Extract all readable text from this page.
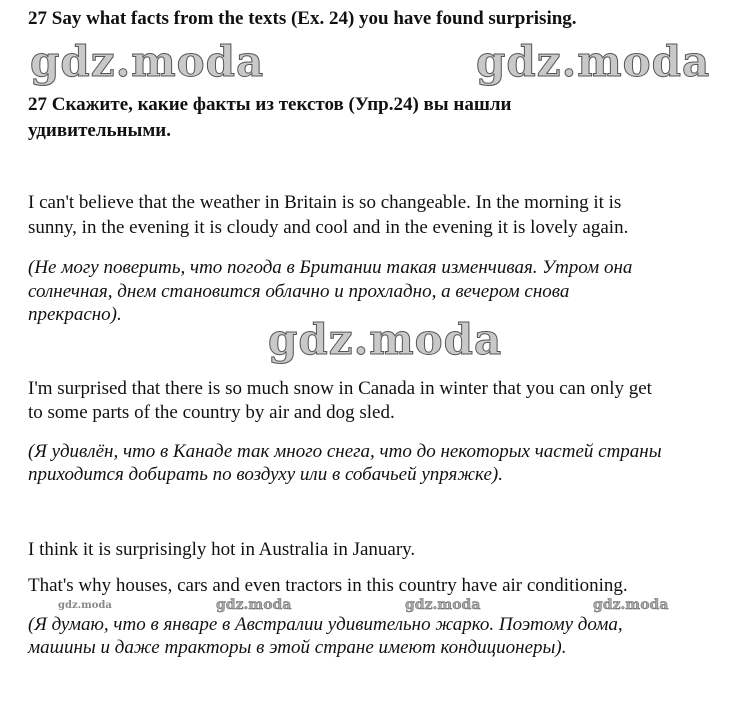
27 Say what facts from the texts (Ex. 24) you have found surprising.
gdz.moda	gdz.moda
27 Скажите, какие факты из текстов (Упр.24) вы нашли
удивительными.
I can't believe that the weather in Britain is so changeable. In the morning it is
sunny, in the evening it is cloudy and cool and in the evening it is lovely again.
(Не могу поверить, что погода в Британии такая изменчивая. Утром она
солнечная, днем становится облачно и прохладно, а вечером снова
прекрасно).
gdz.moda
I'm surprised that there is so much snow in Canada in winter that you can only get
to some parts of the country by air and dog sled.
(Я удивлён, что в Канаде так много снега, что до некоторых частей страны
приходится добирать по воздуху или в собачьей упряжке).
I think it is surprisingly hot in Australia in January.
That's why houses, cars and even tractors in this country have air conditioning.
gdz.moda	gdz.moda	gdz.moda	gdz.moda
(Я думаю, что в январе в Австралии удивительно жарко. Поэтому дома,
машины и даже тракторы в этой стране имеют кондиционеры).
